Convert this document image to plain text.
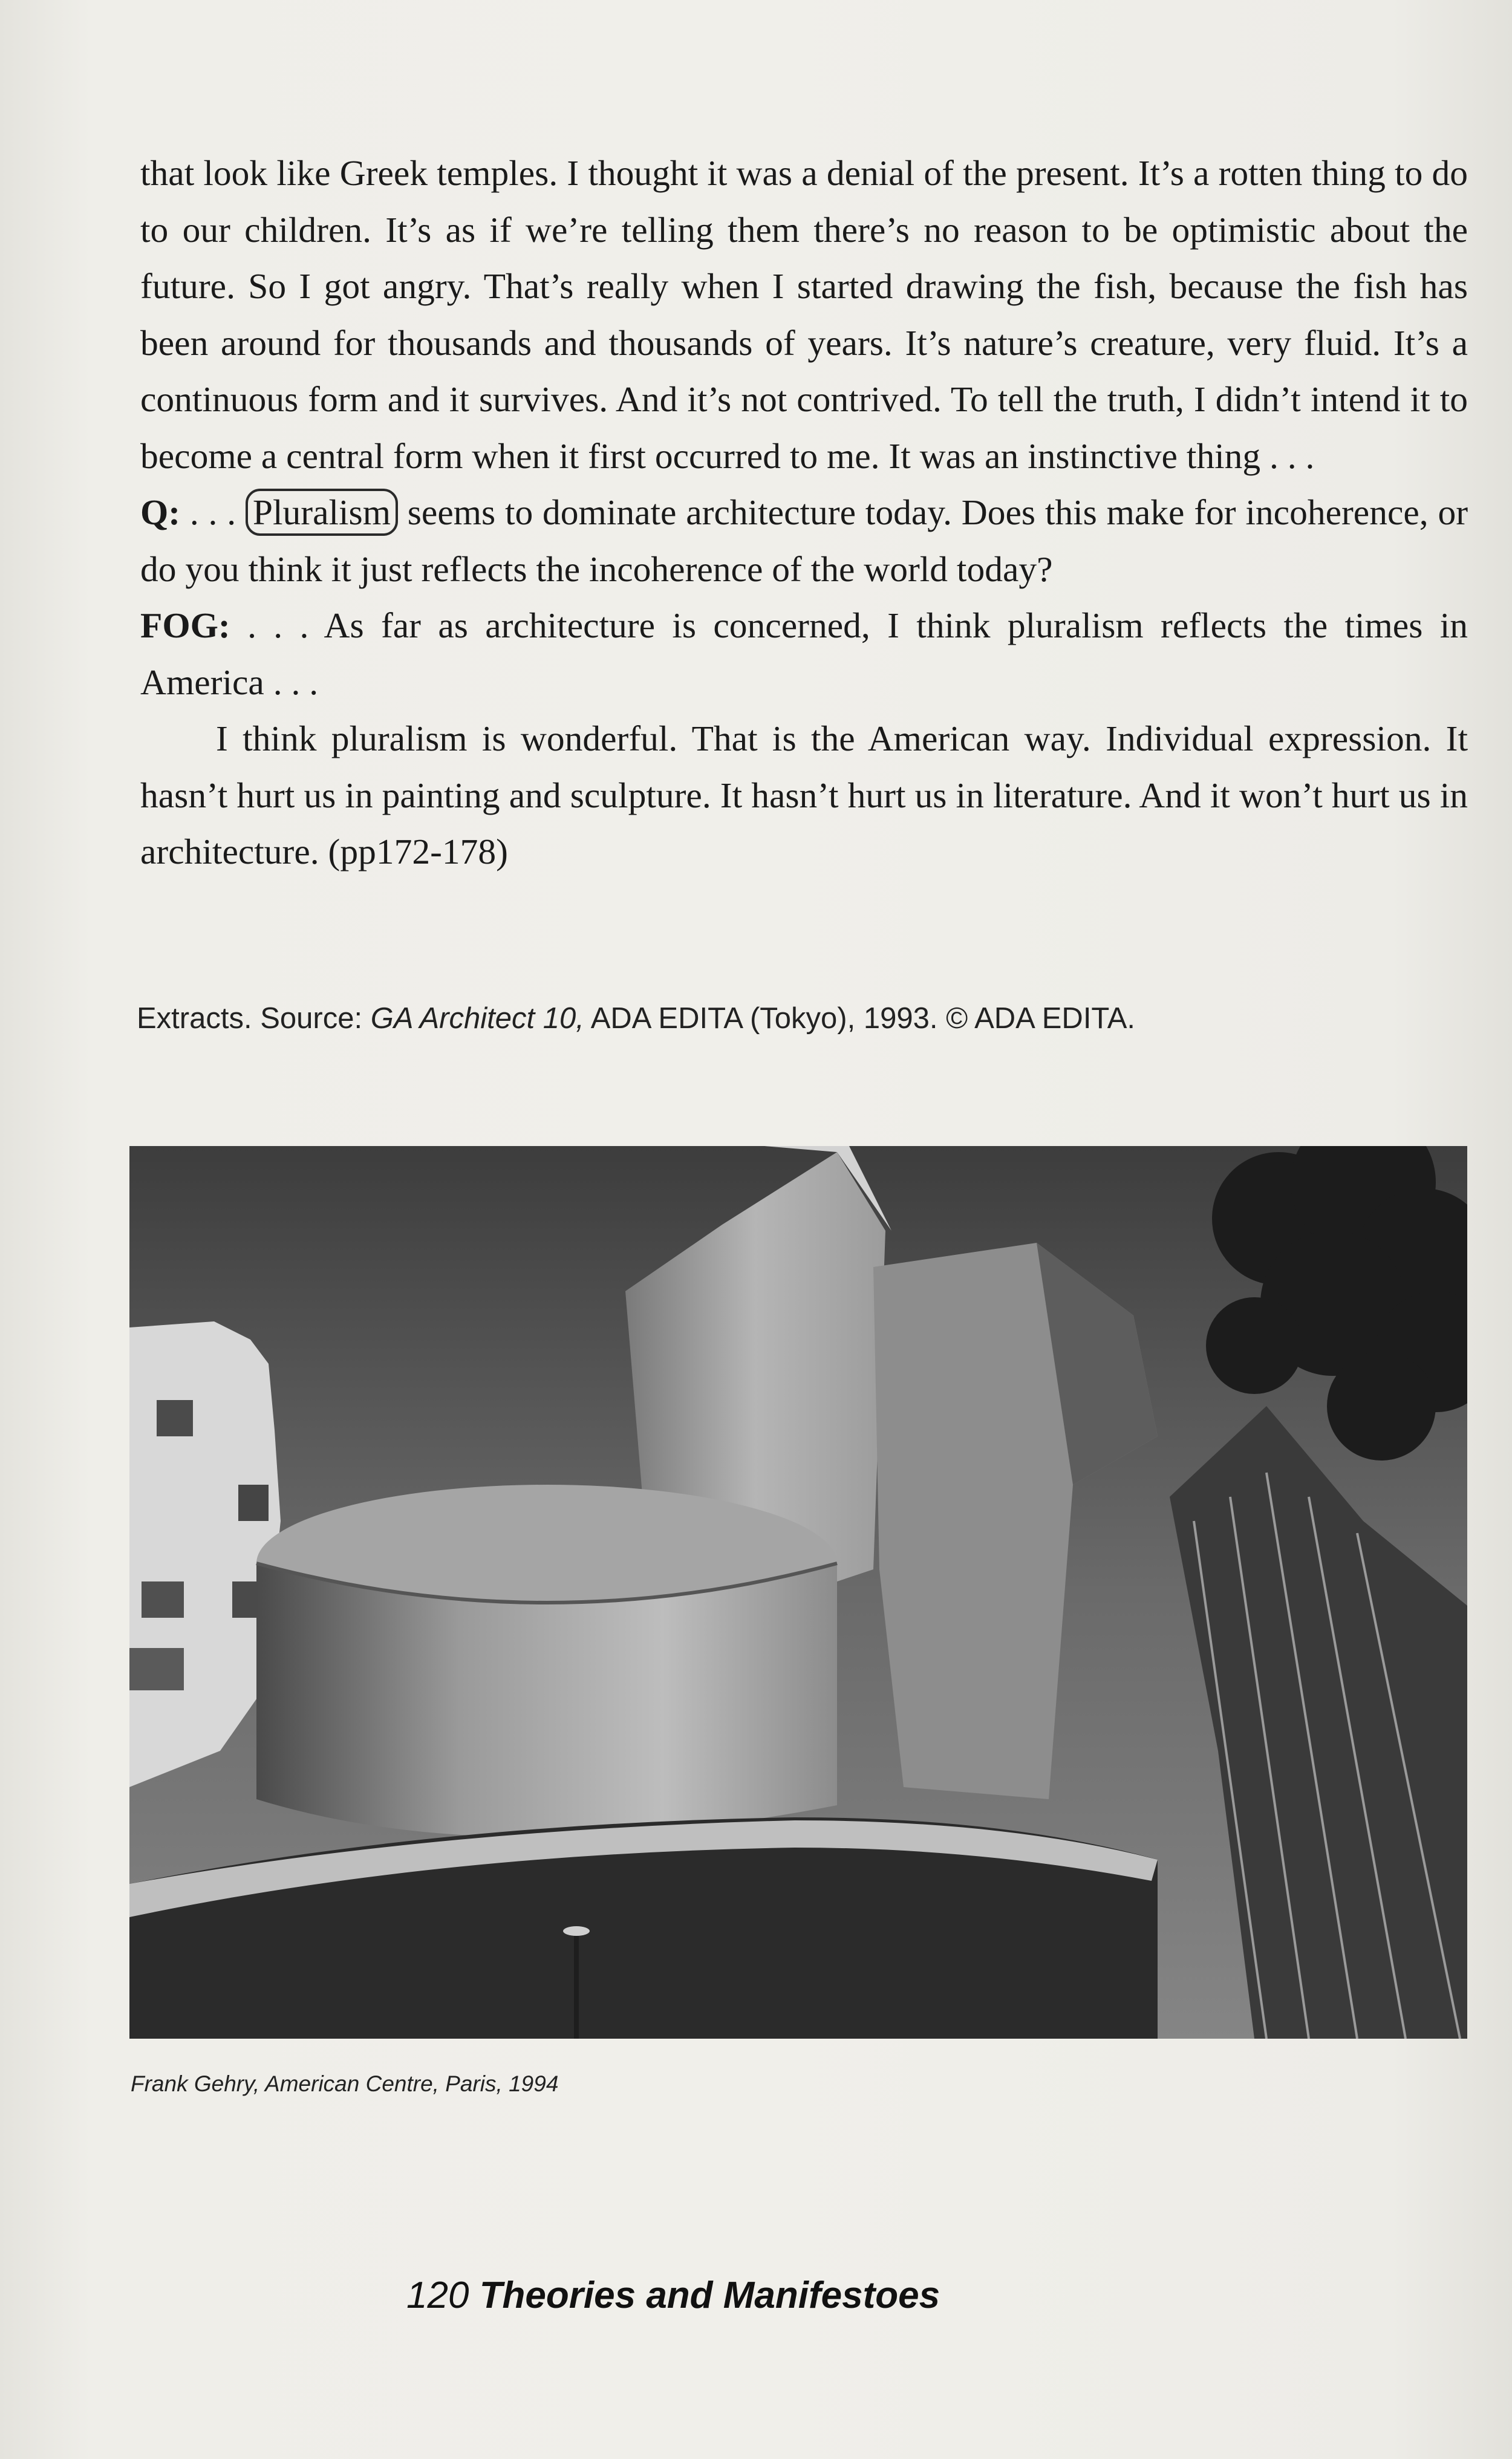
that look like Greek temples. I thought it was a denial of the present. It’s a rotten thing to do to our children. It’s as if we’re telling them there’s no reason to be optimistic about the future. So I got angry. That’s really when I started drawing the fish, because the fish has been around for thousands and thousands of years. It’s nature’s creature, very fluid. It’s a continuous form and it survives. And it’s not contrived. To tell the truth, I didn’t intend it to become a central form when it first occurred to me. It was an instinctive thing . . .

Q: . . . Pluralism seems to dominate architecture today. Does this make for incoherence, or do you think it just reflects the incoherence of the world today?

FOG: . . . As far as architecture is concerned, I think pluralism reflects the times in America . . .

I think pluralism is wonderful. That is the American way. Individual expression. It hasn’t hurt us in painting and sculpture. It hasn’t hurt us in literature. And it won’t hurt us in architecture. (pp172-178)

Extracts. Source: GA Architect 10, ADA EDITA (Tokyo), 1993. © ADA EDITA.
Frank Gehry, American Centre, Paris, 1994
120 Theories and Manifestoes
